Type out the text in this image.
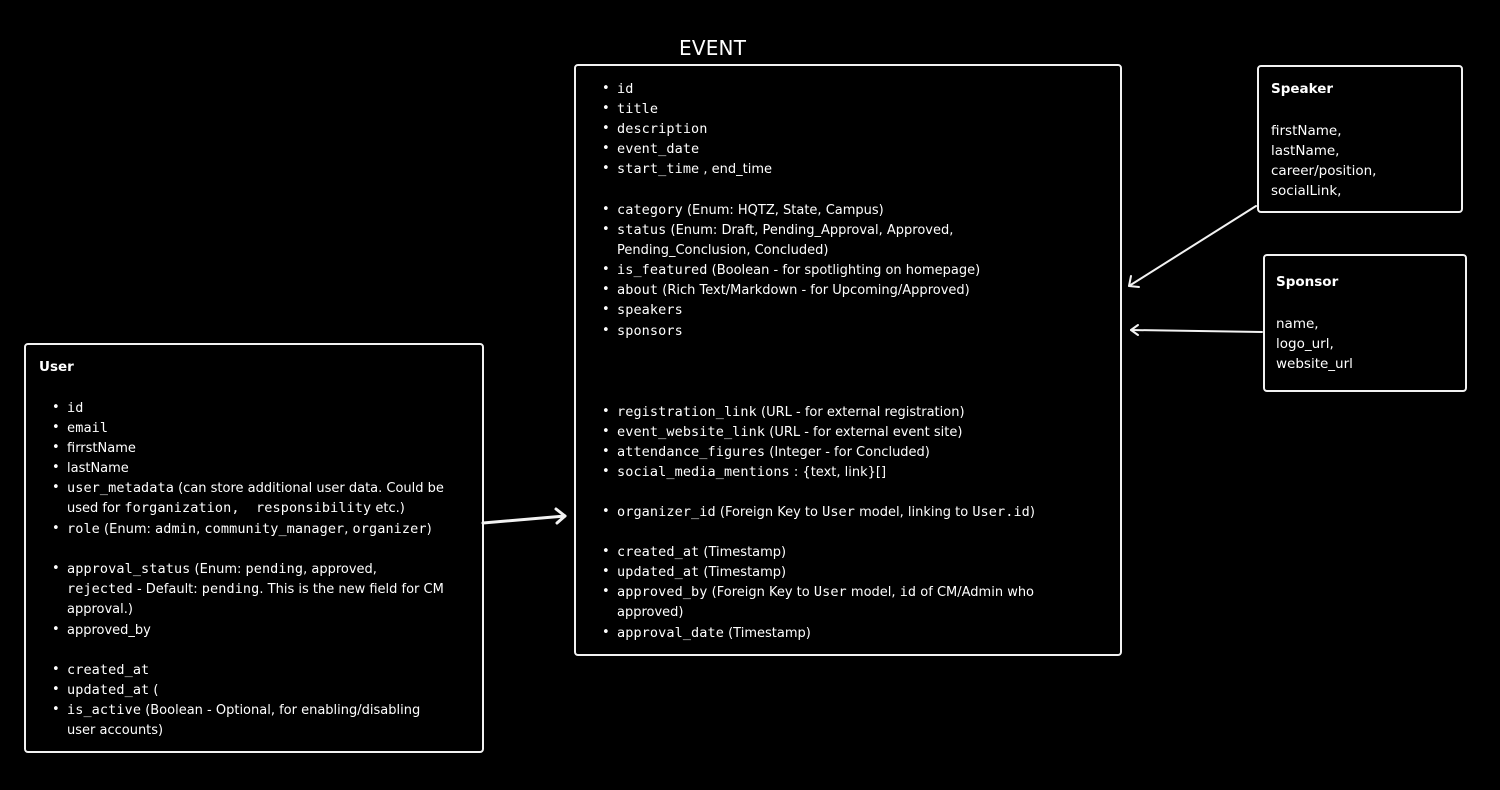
EVENT
• id
• title
• description
• event_date
• start_time , end_time
• category (Enum: HQTZ, State, Campus)
• status (Enum: Draft, Pending_Approval, Approved,
Pending_Conclusion, Concluded)
• is_featured (Boolean - for spotlighting on homepage)
• about (Rich Text/Markdown - for Upcoming/Approved)
• speakers
• sponsors
• registration_link (URL - for external registration)
• event_website_link (URL - for external event site)
• attendance_figures (Integer - for Concluded)
• social_media_mentions : {text, link}[]
• organizer_id (Foreign Key to User model, linking to User.id)
• created_at (Timestamp)
• updated_at (Timestamp)
• approved_by (Foreign Key to User model, id of CM/Admin who
approved)
• approval_date (Timestamp)
User
• id
• email
• firrstName
• lastName
• user_metadata (can store additional user data. Could be
used for forganization,  responsibility etc.)
• role (Enum: admin, community_manager, organizer)
• approval_status (Enum: pending, approved,
rejected - Default: pending. This is the new field for CM
approval.)
• approved_by
• created_at
• updated_at (
• is_active (Boolean - Optional, for enabling/disabling
user accounts)
Speaker
firstName,
lastName,
career/position,
socialLink,
Sponsor
name,
logo_url,
website_url
